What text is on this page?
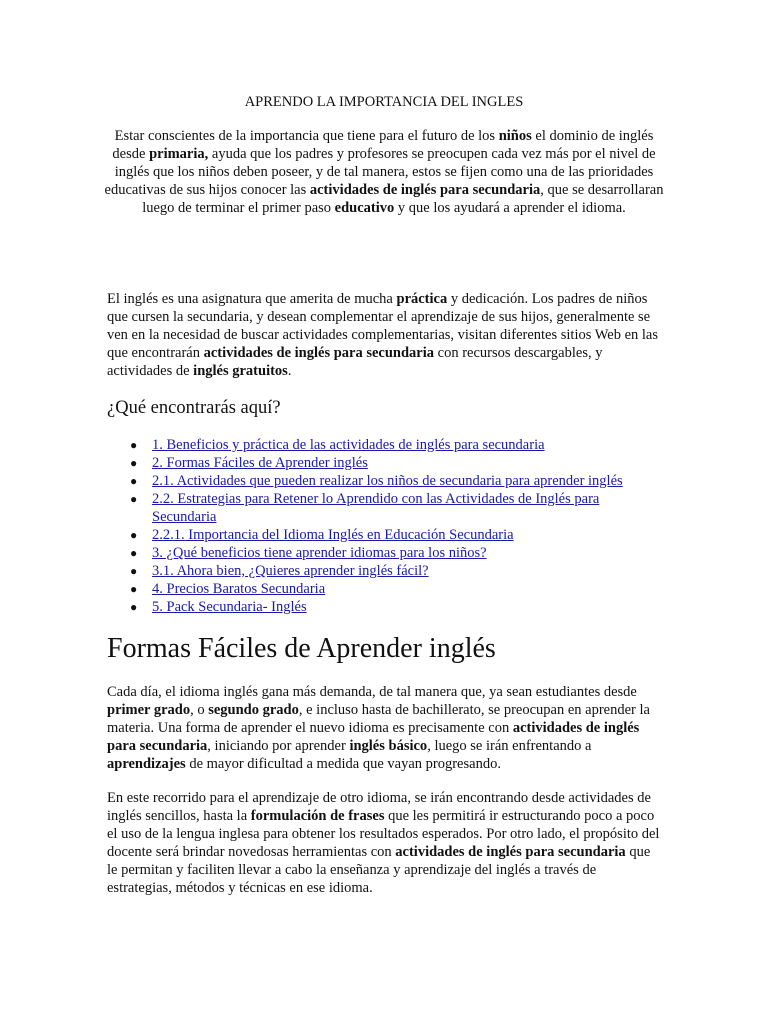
APRENDO LA IMPORTANCIA DEL INGLES
Estar conscientes de la importancia que tiene para el futuro de los niños el dominio de inglés desde primaria, ayuda que los padres y profesores se preocupen cada vez más por el nivel de inglés que los niños deben poseer, y de tal manera, estos se fijen como una de las prioridades educativas de sus hijos conocer las actividades de inglés para secundaria, que se desarrollaran luego de terminar el primer paso educativo y que los ayudará a aprender el idioma.
El inglés es una asignatura que amerita de mucha práctica y dedicación. Los padres de niños que cursen la secundaria, y desean complementar el aprendizaje de sus hijos, generalmente se ven en la necesidad de buscar actividades complementarias, visitan diferentes sitios Web en las que encontrarán actividades de inglés para secundaria con recursos descargables, y actividades de inglés gratuitos.
¿Qué encontrarás aquí?
● 1. Beneficios y práctica de las actividades de inglés para secundaria
● 2. Formas Fáciles de Aprender inglés
● 2.1. Actividades que pueden realizar los niños de secundaria para aprender inglés
● 2.2. Estrategias para Retener lo Aprendido con las Actividades de Inglés para Secundaria
● 2.2.1. Importancia del Idioma Inglés en Educación Secundaria
● 3. ¿Qué beneficios tiene aprender idiomas para los niños?
● 3.1. Ahora bien, ¿Quieres aprender inglés fácil?
● 4. Precios Baratos Secundaria
● 5. Pack Secundaria- Inglés
Formas Fáciles de Aprender inglés
Cada día, el idioma inglés gana más demanda, de tal manera que, ya sean estudiantes desde primer grado, o segundo grado, e incluso hasta de bachillerato, se preocupan en aprender la materia. Una forma de aprender el nuevo idioma es precisamente con actividades de inglés para secundaria, iniciando por aprender inglés básico, luego se irán enfrentando a aprendizajes de mayor dificultad a medida que vayan progresando.
En este recorrido para el aprendizaje de otro idioma, se irán encontrando desde actividades de inglés sencillos, hasta la formulación de frases que les permitirá ir estructurando poco a poco el uso de la lengua inglesa para obtener los resultados esperados. Por otro lado, el propósito del docente será brindar novedosas herramientas con actividades de inglés para secundaria que le permitan y faciliten llevar a cabo la enseñanza y aprendizaje del inglés a través de estrategias, métodos y técnicas en ese idioma.
